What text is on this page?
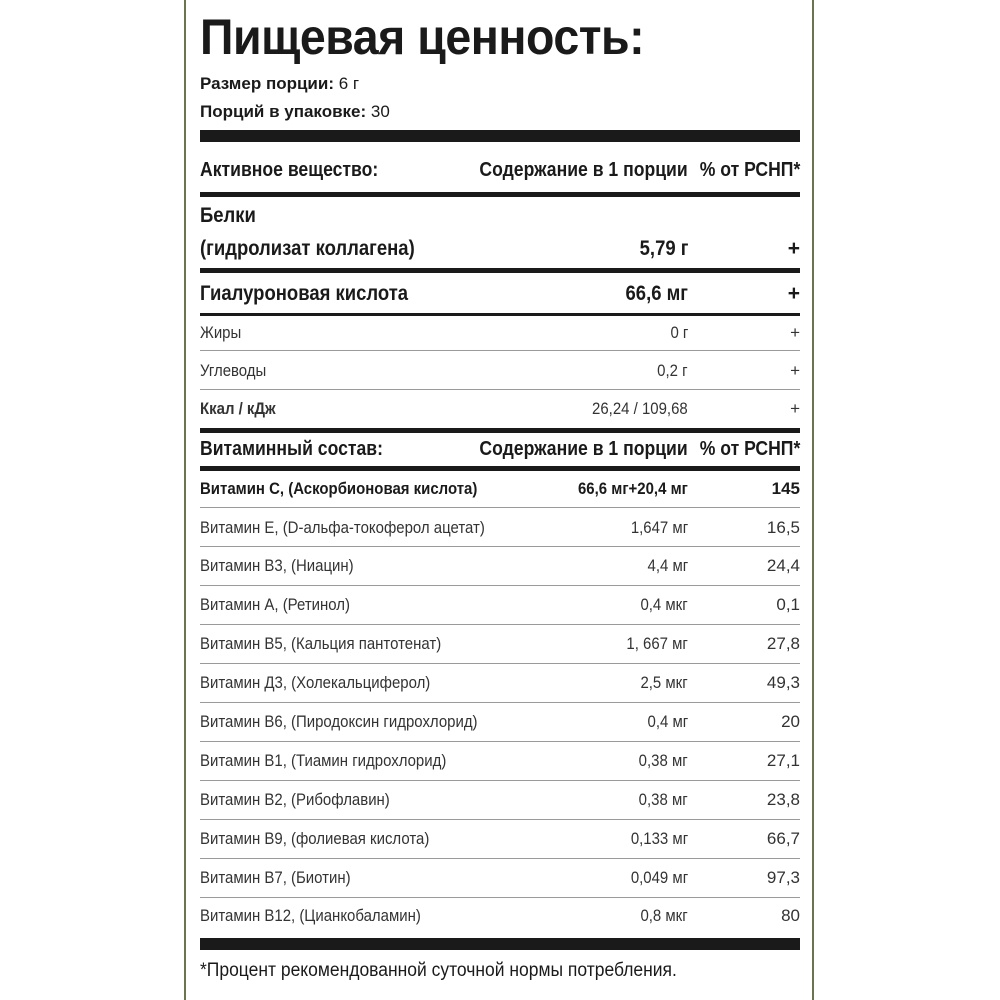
Пищевая ценность:
Размер порции: 6 г
Порций в упаковке: 30
Активное вещество:	Содержание в 1 порции % от РСНП*
Белки
(гидролизат коллагена)	5,79 г	+
Гиалуроновая кислота	66,6 мг	+
Жиры	0 г	+
Углеводы	0,2 г	+
Ккал / кДж	26,24 / 109,68	+
Витаминный состав:	Содержание в 1 порции % от РСНП*
Витамин С, (Аскорбионовая кислота)	66,6 мг+20,4 мг	145
Витамин Е, (D-альфа-токоферол ацетат)	1,647 мг	16,5
Витамин В3, (Ниацин)	4,4 мг	24,4
Витамин А, (Ретинол)	0,4 мкг	0,1
Витамин В5, (Кальция пантотенат)	1, 667 мг	27,8
Витамин Д3, (Холекальциферол)	2,5 мкг	49,3
Витамин В6, (Пиродоксин гидрохлорид)	0,4 мг	20
Витамин В1, (Тиамин гидрохлорид)	0,38 мг	27,1
Витамин В2, (Рибофлавин)	0,38 мг	23,8
Витамин В9, (фолиевая кислота)	0,133 мг	66,7
Витамин В7, (Биотин)	0,049 мг	97,3
Витамин В12, (Цианкобаламин)	0,8 мкг	80
*Процент рекомендованной суточной нормы потребления.
